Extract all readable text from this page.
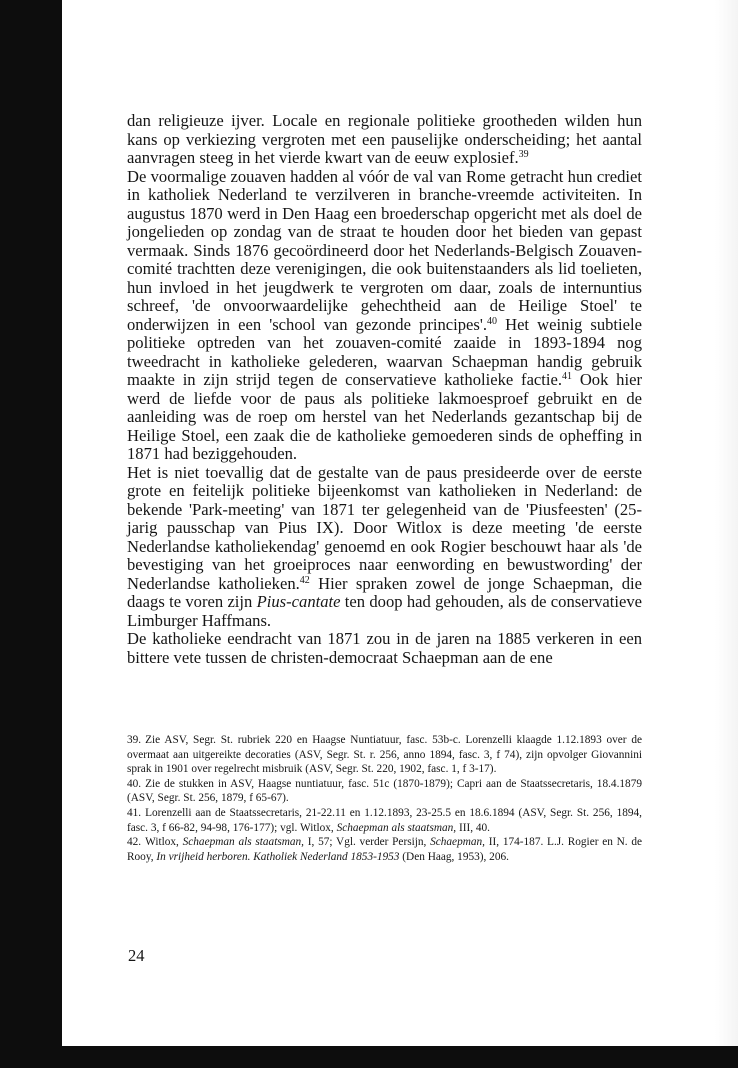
dan religieuze ijver. Locale en regionale politieke grootheden wilden hun kans op verkiezing vergroten met een pauselijke onderscheiding; het aantal aanvragen steeg in het vierde kwart van de eeuw explosief.$^{39}$

De voormalige zouaven hadden al vóór de val van Rome getracht hun crediet in katholiek Nederland te verzilveren in branche-vreemde activiteiten. In augustus 1870 werd in Den Haag een broederschap opgericht met als doel de jongelieden op zondag van de straat te houden door het bieden van gepast vermaak. Sinds 1876 gecoördineerd door het Nederlands-Belgisch Zouaven-comité trachtten deze verenigingen, die ook buitenstaanders als lid toelieten, hun invloed in het jeugdwerk te vergroten om daar, zoals de internuntius schreef, 'de onvoorwaardelijke gehechtheid aan de Heilige Stoel' te onderwijzen in een 'school van gezonde principes'.$^{40}$ Het weinig subtiele politieke optreden van het zouaven-comité zaaide in 1893-1894 nog tweedracht in katholieke gelederen, waarvan Schaepman handig gebruik maakte in zijn strijd tegen de conservatieve katholieke factie.$^{41}$ Ook hier werd de liefde voor de paus als politieke lakmoesproef gebruikt en de aanleiding was de roep om herstel van het Nederlands gezantschap bij de Heilige Stoel, een zaak die de katholieke gemoederen sinds de opheffing in 1871 had beziggehouden.

Het is niet toevallig dat de gestalte van de paus presideerde over de eerste grote en feitelijk politieke bijeenkomst van katholieken in Nederland: de bekende 'Park-meeting' van 1871 ter gelegenheid van de 'Piusfeesten' (25-jarig pausschap van Pius IX). Door Witlox is deze meeting 'de eerste Nederlandse katholiekendag' genoemd en ook Rogier beschouwt haar als 'de bevestiging van het groeiproces naar eenwording en bewustwording' der Nederlandse katholieken.$^{42}$ Hier spraken zowel de jonge Schaepman, die daags te voren zijn Pius-cantate ten doop had gehouden, als de conservatieve Limburger Haffmans.

De katholieke eendracht van 1871 zou in de jaren na 1885 verkeren in een bittere vete tussen de christen-democraat Schaepman aan de ene

39. Zie ASV, Segr. St. rubriek 220 en Haagse Nuntiatuur, fasc. 53b-c. Lorenzelli klaagde 1.12.1893 over de overmaat aan uitgereikte decoraties (ASV, Segr. St. r. 256, anno 1894, fasc. 3, f 74), zijn opvolger Giovannini sprak in 1901 over regelrecht misbruik (ASV, Segr. St. 220, 1902, fasc. 1, f 3-17).

40. Zie de stukken in ASV, Haagse nuntiatuur, fasc. 51c (1870-1879); Capri aan de Staatssecretaris, 18.4.1879 (ASV, Segr. St. 256, 1879, f 65-67).

41. Lorenzelli aan de Staatssecretaris, 21-22.11 en 1.12.1893, 23-25.5 en 18.6.1894 (ASV, Segr. St. 256, 1894, fasc. 3, f 66-82, 94-98, 176-177); vgl. Witlox, Schaepman als staatsman, III, 40.

42. Witlox, Schaepman als staatsman, I, 57; Vgl. verder Persijn, Schaepman, II, 174-187. L.J. Rogier en N. de Rooy, In vrijheid herboren. Katholiek Nederland 1853-1953 (Den Haag, 1953), 206.

24
